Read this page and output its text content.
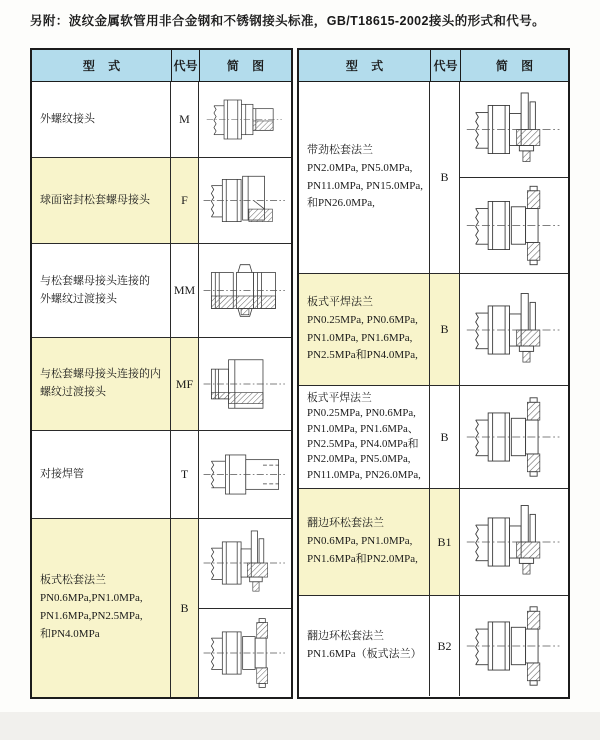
另附：波纹金属软管用非合金钢和不锈钢接头标准，GB/T18615-2002接头的形式和代号。
型    式	代号	简    图
外螺纹接头	M
球面密封松套螺母接头	F
与松套螺母接头连接的
外螺纹过渡接头
MM
与松套螺母接头连接的内
螺纹过渡接头
MF
对接焊管	T
板式松套法兰
PN0.6MPa,PN1.0MPa,
PN1.6MPa,PN2.5MPa,
和PN4.0MPa
B
型    式	代号	简    图
带劲松套法兰
PN2.0MPa, PN5.0MPa,
PN11.0MPa, PN15.0MPa,
和PN26.0MPa,
B
板式平焊法兰
PN0.25MPa, PN0.6MPa,
PN1.0MPa, PN1.6MPa,
PN2.5MPa和PN4.0MPa,
B
板式平焊法兰
PN0.25MPa, PN0.6MPa,
PN1.0MPa, PN1.6MPa、
PN2.5MPa, PN4.0MPa和
PN2.0MPa, PN5.0MPa,
PN11.0MPa, PN26.0MPa,
B
翻边环松套法兰
PN0.6MPa, PN1.0MPa,
PN1.6MPa和PN2.0MPa,
B1
翻边环松套法兰
PN1.6MPa（板式法兰）
B2
